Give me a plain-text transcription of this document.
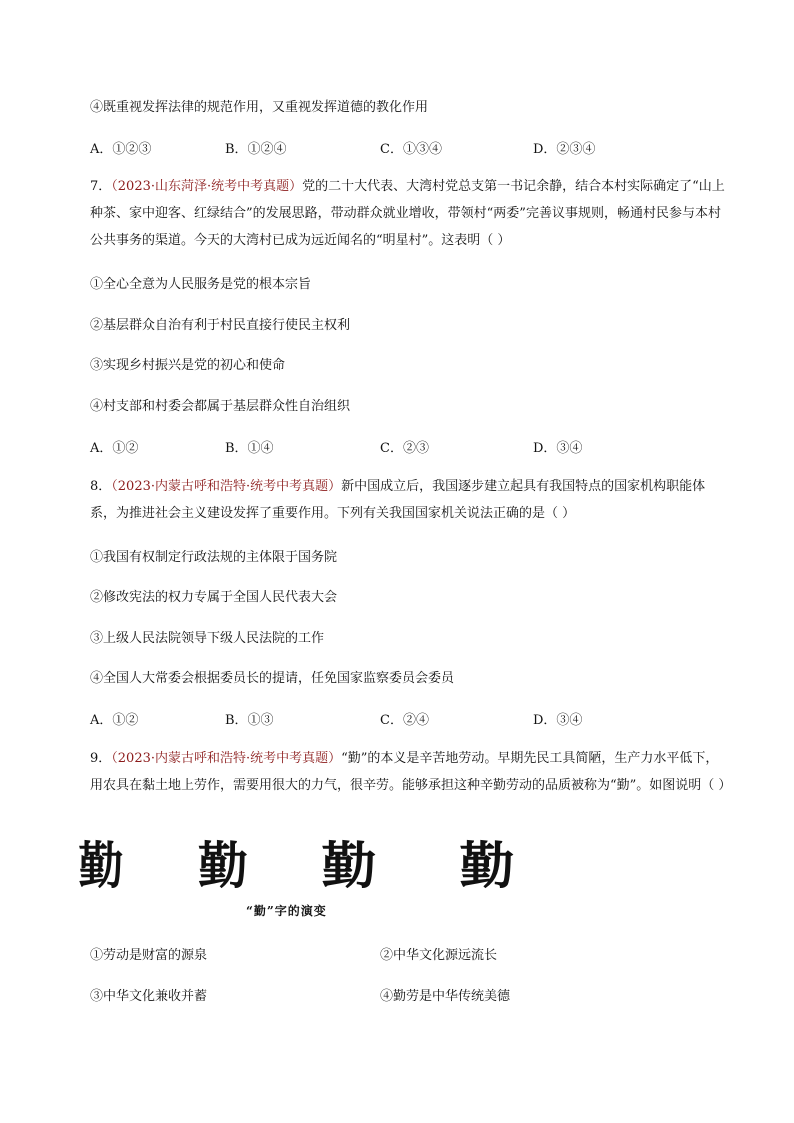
④既重视发挥法律的规范作用，又重视发挥道德的教化作用
A．①②③	B．①②④	C．①③④	D．②③④
7．（2023·山东菏泽·统考中考真题）党的二十大代表、大湾村党总支第一书记余静，结合本村实际确定了“山上种茶、家中迎客、红绿结合”的发展思路，带动群众就业增收，带领村“两委”完善议事规则，畅通村民参与本村公共事务的渠道。今天的大湾村已成为远近闻名的“明星村”。这表明（ ）
①全心全意为人民服务是党的根本宗旨
②基层群众自治有利于村民直接行使民主权利
③实现乡村振兴是党的初心和使命
④村支部和村委会都属于基层群众性自治组织
A．①②	B．①④	C．②③	D．③④
8．（2023·内蒙古呼和浩特·统考中考真题）新中国成立后，我国逐步建立起具有我国特点的国家机构职能体系，为推进社会主义建设发挥了重要作用。下列有关我国国家机关说法正确的是（ ）
①我国有权制定行政法规的主体限于国务院
②修改宪法的权力专属于全国人民代表大会
③上级人民法院领导下级人民法院的工作
④全国人大常委会根据委员长的提请，任免国家监察委员会委员
A．①②	B．①③	C．②④	D．③④
9．（2023·内蒙古呼和浩特·统考中考真题）“勤”的本义是辛苦地劳动。早期先民工具简陋，生产力水平低下，用农具在黏土地上劳作，需要用很大的力气，很辛劳。能够承担这种辛勤劳动的品质被称为“勤”。如图说明（ ）
勤 勤 勤 勤
“勤”字的演变
①劳动是财富的源泉	②中华文化源远流长
③中华文化兼收并蓄	④勤劳是中华传统美德
